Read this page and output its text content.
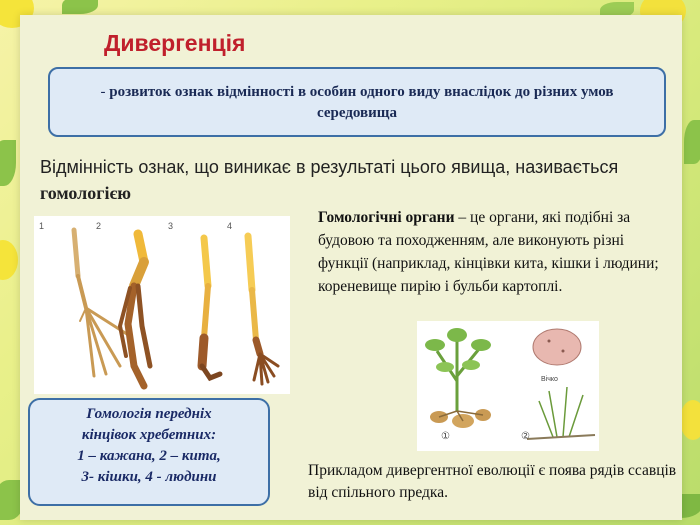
Дивергенція
- розвиток ознак відмінності в особин одного виду внаслідок до різних умов середовища
Відмінність ознак, що виникає в результаті цього явища, називається гомологією
Гомологічні органи – це органи, які подібні за будовою та походженням, але виконують різні функції (наприклад, кінцівки кита, кішки і людини; кореневище пирію і бульби картоплі.
1	2	3	4
Вічко
①	②
Гомологія передніх
кінцівок хребетних:
1 – кажана, 2 – кита,
3- кішки, 4 - людини	Прикладом дивергентної еволюції є поява рядів ссавців від спільного предка.
